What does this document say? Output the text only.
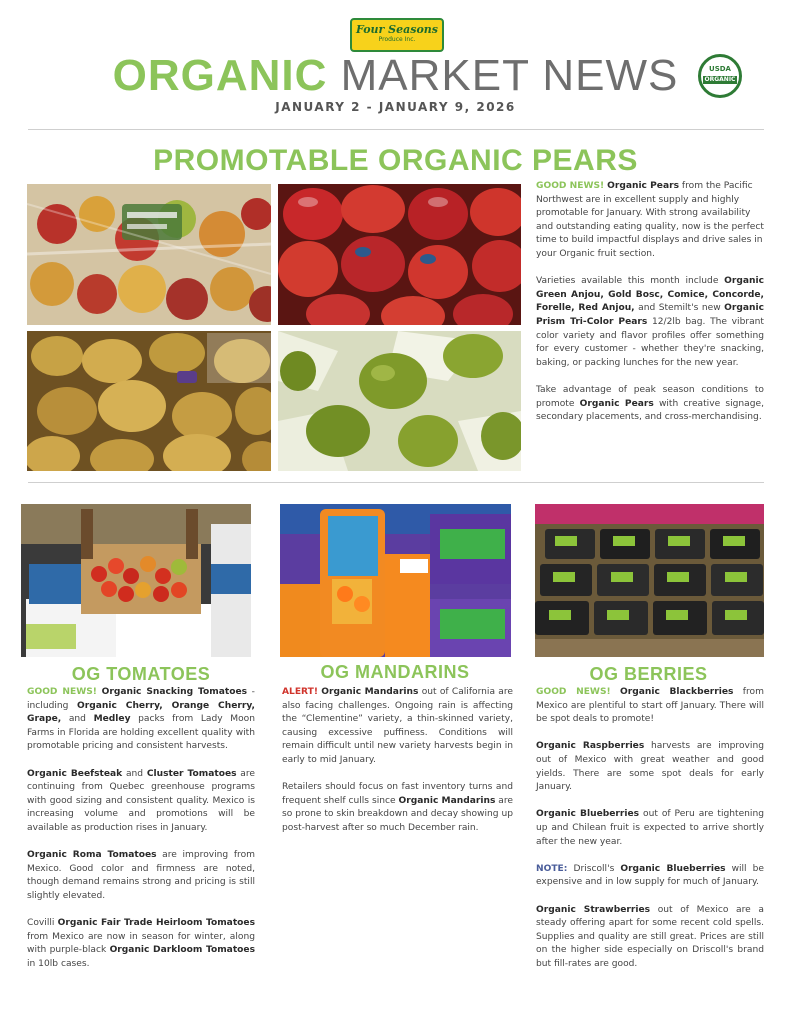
Four Seasons
Produce Inc.
ORGANIC MARKET NEWS	USDA
ORGANIC
JANUARY 2 - JANUARY 9, 2026
PROMOTABLE ORGANIC PEARS

GOOD NEWS! Organic Pears from the Pacific Northwest are in excellent supply and highly promotable for January. With strong availability and outstanding eating quality, now is the perfect time to build impactful displays and drive sales in your Organic fruit section.

Varieties available this month include Organic Green Anjou, Gold Bosc, Comice, Concorde, Forelle, Red Anjou, and Stemilt's new Organic Prism Tri-Color Pears 12/2lb bag. The vibrant color variety and flavor profiles offer something for every customer - whether they're snacking, baking, or packing lunches for the new year.

Take advantage of peak season conditions to promote Organic Pears with creative signage, secondary placements, and cross-merchandising.

OG TOMATOES	OG MANDARINS	OG BERRIES

GOOD NEWS! Organic Snacking Tomatoes - including Organic Cherry, Orange Cherry, Grape, and Medley packs from Lady Moon Farms in Florida are holding excellent quality with promotable pricing and consistent harvests.

Organic Beefsteak and Cluster Tomatoes are continuing from Quebec greenhouse programs with good sizing and consistent quality. Mexico is increasing volume and promotions will be available as production rises in January.

Organic Roma Tomatoes are improving from Mexico. Good color and firmness are noted, though demand remains strong and pricing is still slightly elevated.

Covilli Organic Fair Trade Heirloom Tomatoes from Mexico are now in season for winter, along with purple-black Organic Darkloom Tomatoes in 10lb cases.

ALERT! Organic Mandarins out of California are also facing challenges. Ongoing rain is affecting the “Clementine” variety, a thin-skinned variety, causing excessive puffiness. Conditions will remain difficult until new variety harvests begin in early to mid January.

Retailers should focus on fast inventory turns and frequent shelf culls since Organic Mandarins are so prone to skin breakdown and decay showing up post-harvest after so much December rain.

GOOD NEWS! Organic Blackberries from Mexico are plentiful to start off January. There will be spot deals to promote!

Organic Raspberries harvests are improving out of Mexico with great weather and good yields. There are some spot deals for early January.

Organic Blueberries out of Peru are tightening up and Chilean fruit is expected to arrive shortly after the new year.

NOTE: Driscoll's Organic Blueberries will be expensive and in low supply for much of January.

Organic Strawberries out of Mexico are a steady offering apart for some recent cold spells. Supplies and quality are still great. Prices are still on the higher side especially on Driscoll's brand but fill-rates are good.
